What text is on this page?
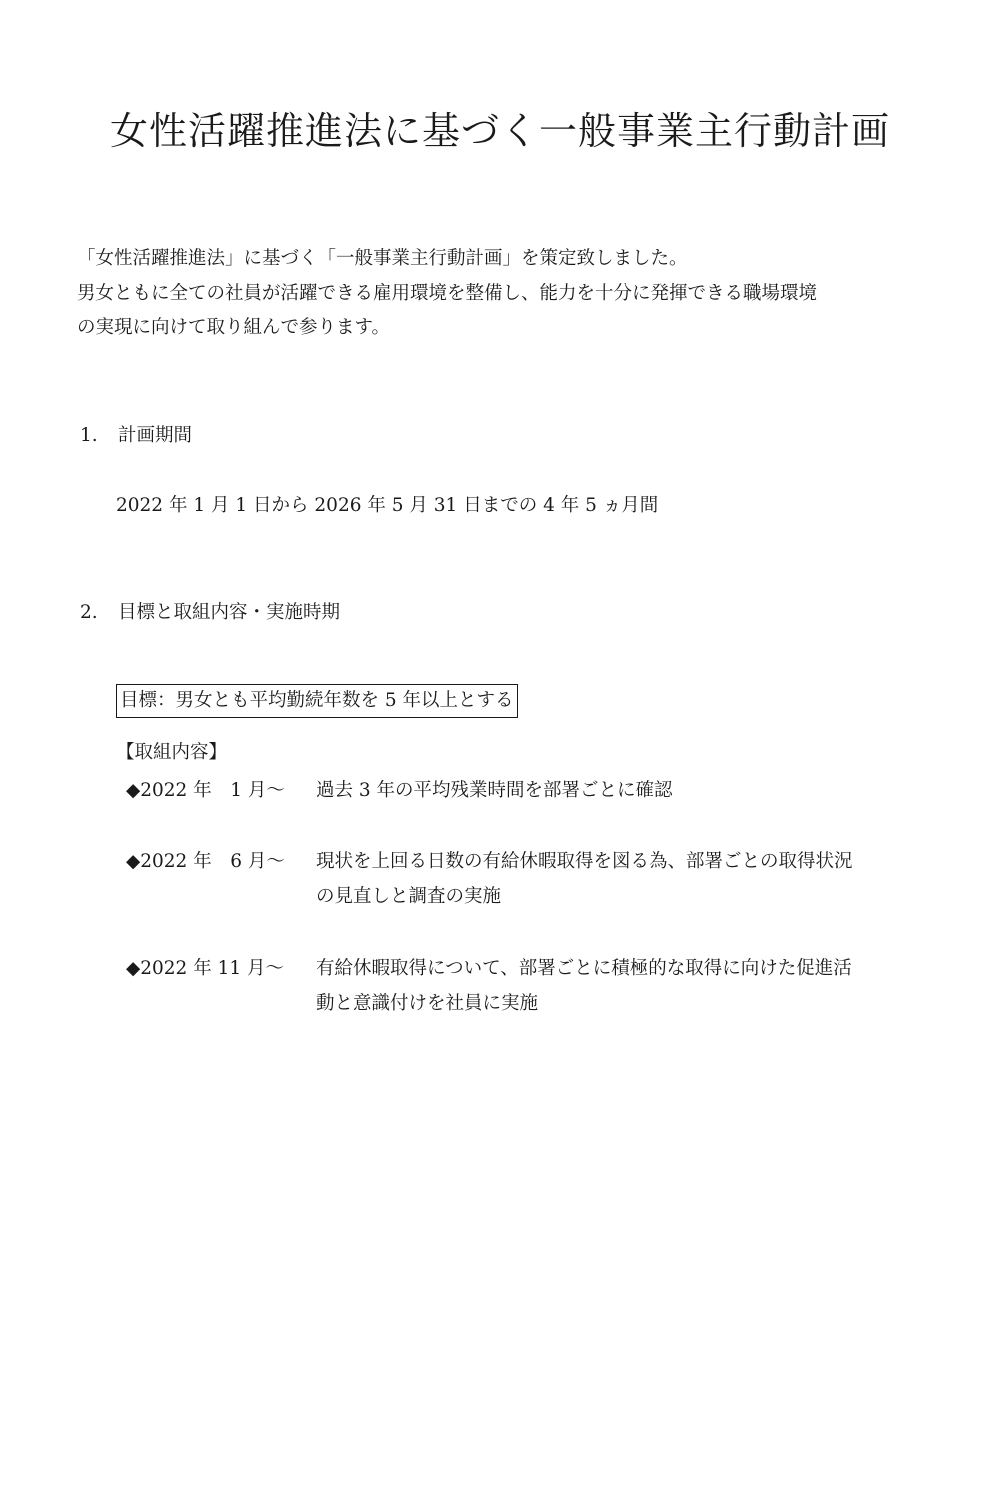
女性活躍推進法に基づく一般事業主行動計画

「女性活躍推進法」に基づく「一般事業主行動計画」を策定致しました。

男女ともに全ての社員が活躍できる雇用環境を整備し、能力を十分に発揮できる職場環境

の実現に向けて取り組んで参ります。

1. 計画期間
2022 年 1 月 1 日から 2026 年 5 月 31 日までの 4 年 5 ヵ月間
2. 目標と取組内容・実施時期
目標：男女とも平均勤続年数を 5 年以上とする
【取組内容】
◆2022 年　1 月～ 過去 3 年の平均残業時間を部署ごとに確認
◆2022 年　6 月～ 現状を上回る日数の有給休暇取得を図る為、部署ごとの取得状況
の見直しと調査の実施
◆2022 年 11 月～ 有給休暇取得について、部署ごとに積極的な取得に向けた促進活
動と意識付けを社員に実施
